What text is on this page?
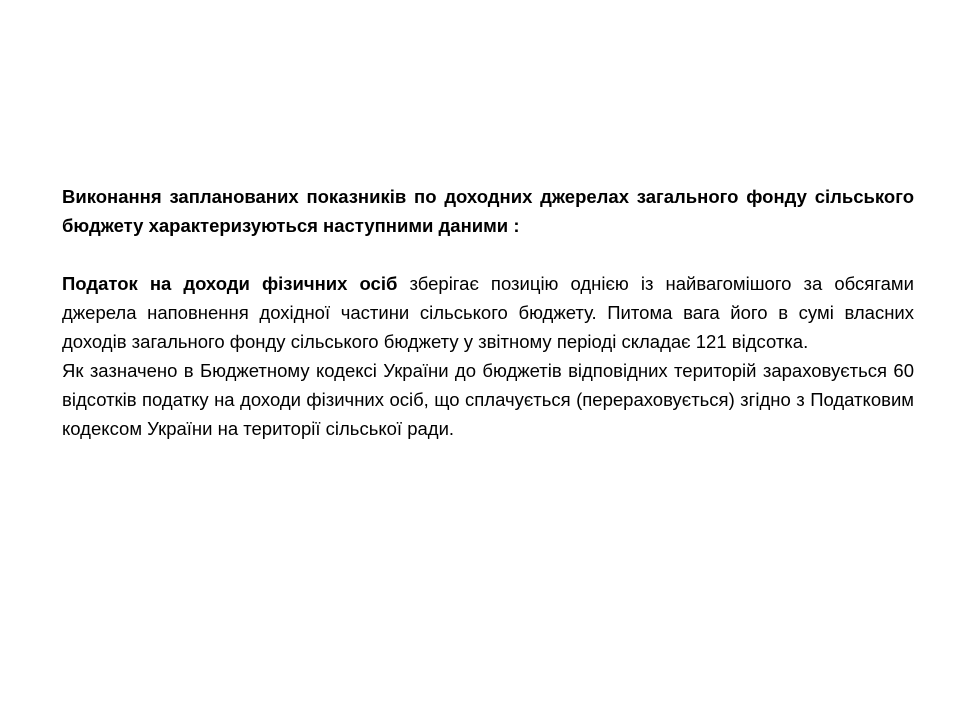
Виконання запланованих показників по доходних джерелах загального фонду сільського бюджету характеризуються наступними даними :

Податок на доходи фізичних осіб зберігає позицію однією із найвагомішого за обсягами джерела наповнення дохідної частини сільського бюджету. Питома вага його в сумі власних доходів загального фонду сільського бюджету у звітному періоді складає 121 відсотка.

Як зазначено в Бюджетному кодексі України до бюджетів відповідних територій зараховується 60 відсотків податку на доходи фізичних осіб, що сплачується (перераховується) згідно з Податковим кодексом України на території сільської ради.
